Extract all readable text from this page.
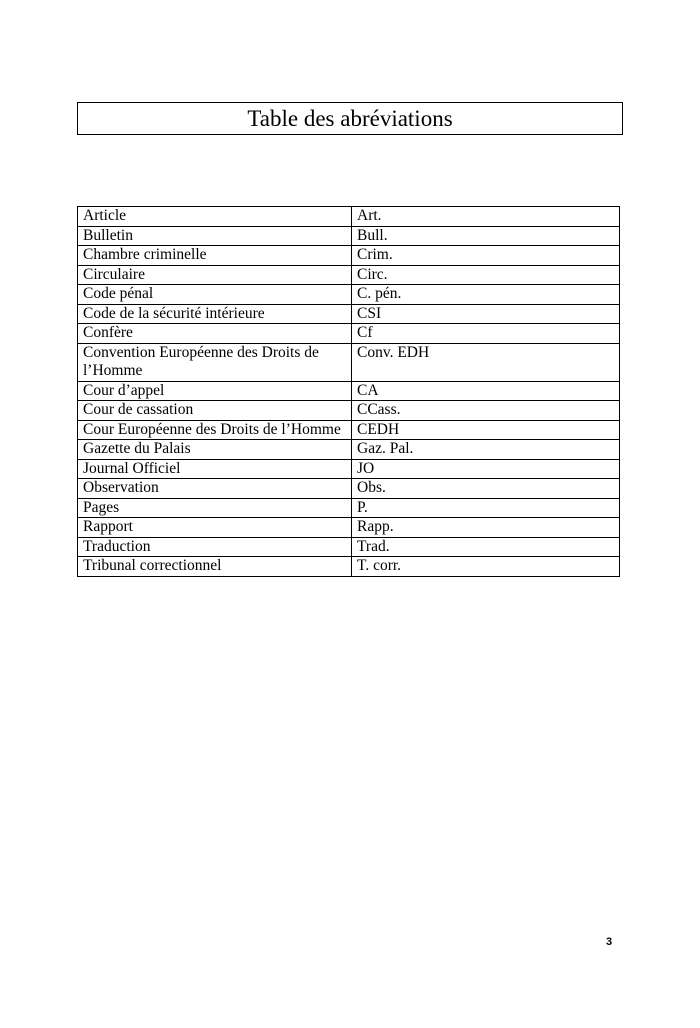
Table des abréviations
Article	Art.
Bulletin	Bull.
Chambre criminelle	Crim.
Circulaire	Circ.
Code pénal	C. pén.
Code de la sécurité intérieure	CSI
Confère	Cf
Convention Européenne des Droits de l’Homme	Conv. EDH
Cour d’appel	CA
Cour de cassation	CCass.
Cour Européenne des Droits de l’Homme	CEDH
Gazette du Palais	Gaz. Pal.
Journal Officiel	JO
Observation	Obs.
Pages	P.
Rapport	Rapp.
Traduction	Trad.
Tribunal correctionnel	T. corr.
3
